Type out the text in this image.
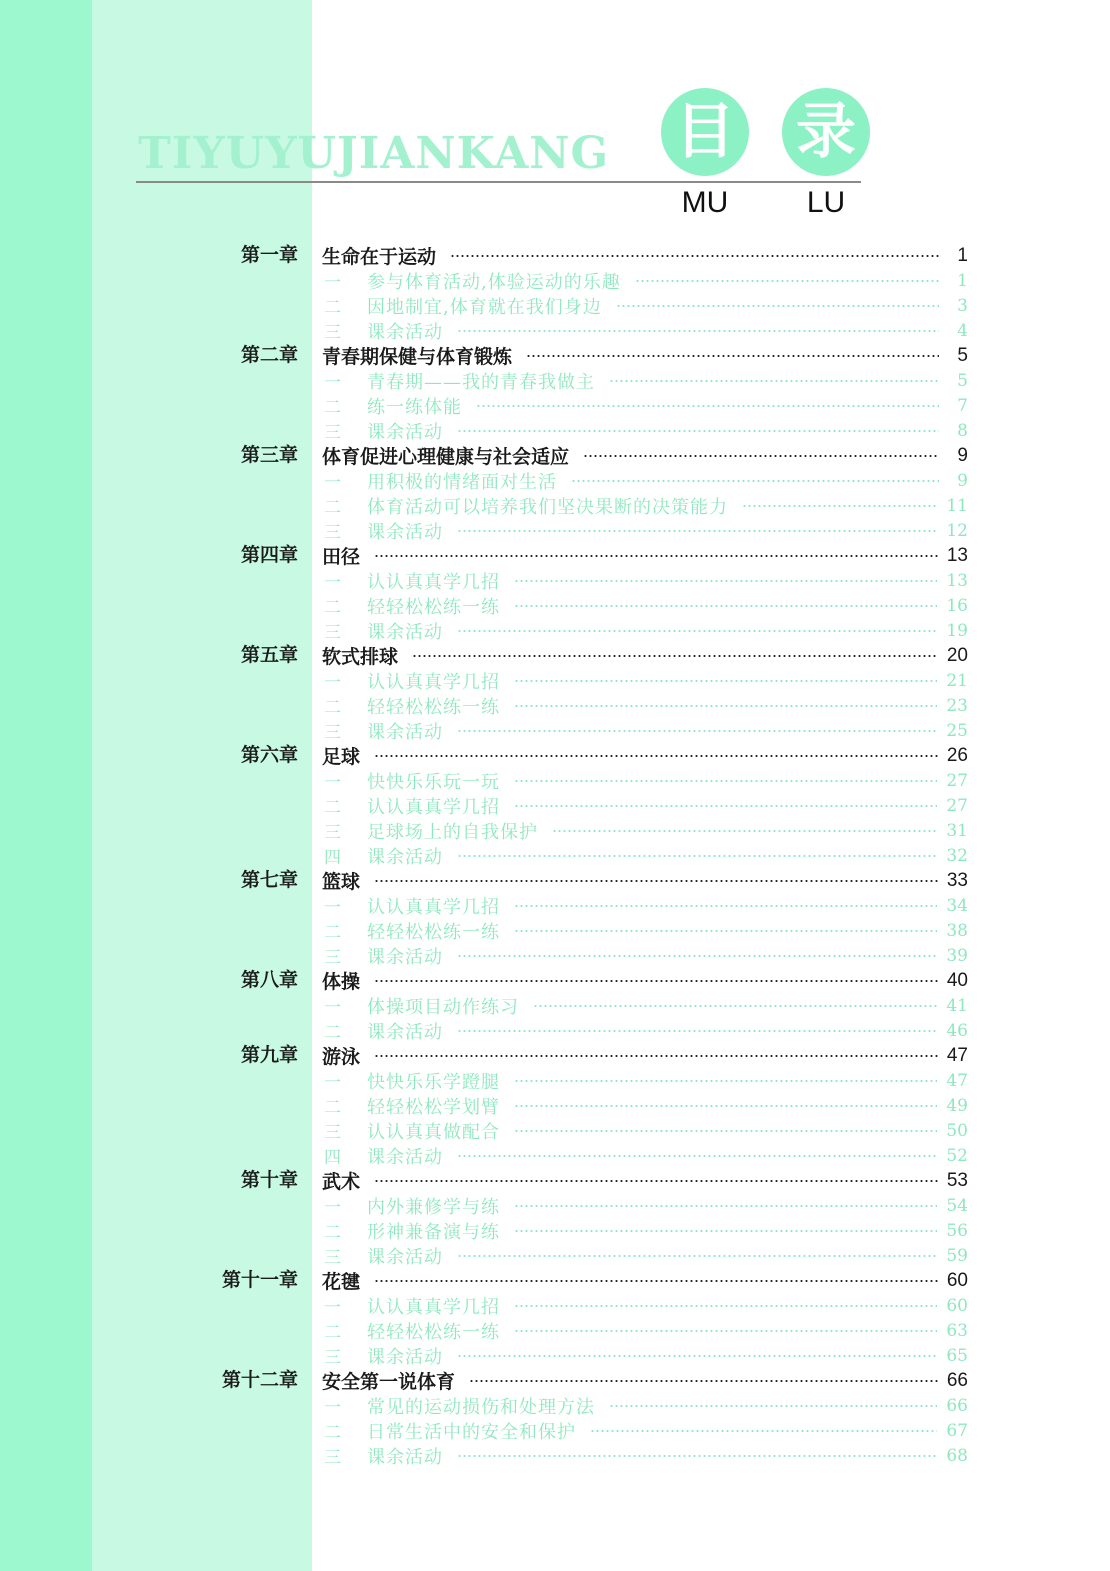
TIYUYUJIANKANG 目 录
MU	LU
第一章 生命在于运动	1
一	参与体育活动,体验运动的乐趣	1
二	因地制宜,体育就在我们身边	3
三	课余活动	4
第二章 青春期保健与体育锻炼	5
一	青春期——我的青春我做主	5
二	练一练体能	7
三	课余活动	8
第三章 体育促进心理健康与社会适应	9
一	用积极的情绪面对生活	9
二	体育活动可以培养我们坚决果断的决策能力	11
三	课余活动	12
第四章 田径	13
一	认认真真学几招	13
二	轻轻松松练一练	16
三	课余活动	19
第五章 软式排球	20
一	认认真真学几招	21
二	轻轻松松练一练	23
三	课余活动	25
第六章 足球	26
一	快快乐乐玩一玩	27
二	认认真真学几招	27
三	足球场上的自我保护	31
四	课余活动	32
第七章 篮球	33
一	认认真真学几招	34
二	轻轻松松练一练	38
三	课余活动	39
第八章 体操	40
一	体操项目动作练习	41
二	课余活动	46
第九章 游泳	47
一	快快乐乐学蹬腿	47
二	轻轻松松学划臂	49
三	认认真真做配合	50
四	课余活动	52
第十章 武术	53
一	内外兼修学与练	54
二	形神兼备演与练	56
三	课余活动	59
第十一章 花毽	60
一	认认真真学几招	60
二	轻轻松松练一练	63
三	课余活动	65
第十二章 安全第一说体育	66
一	常见的运动损伤和处理方法	66
二	日常生活中的安全和保护	67
三	课余活动	68
